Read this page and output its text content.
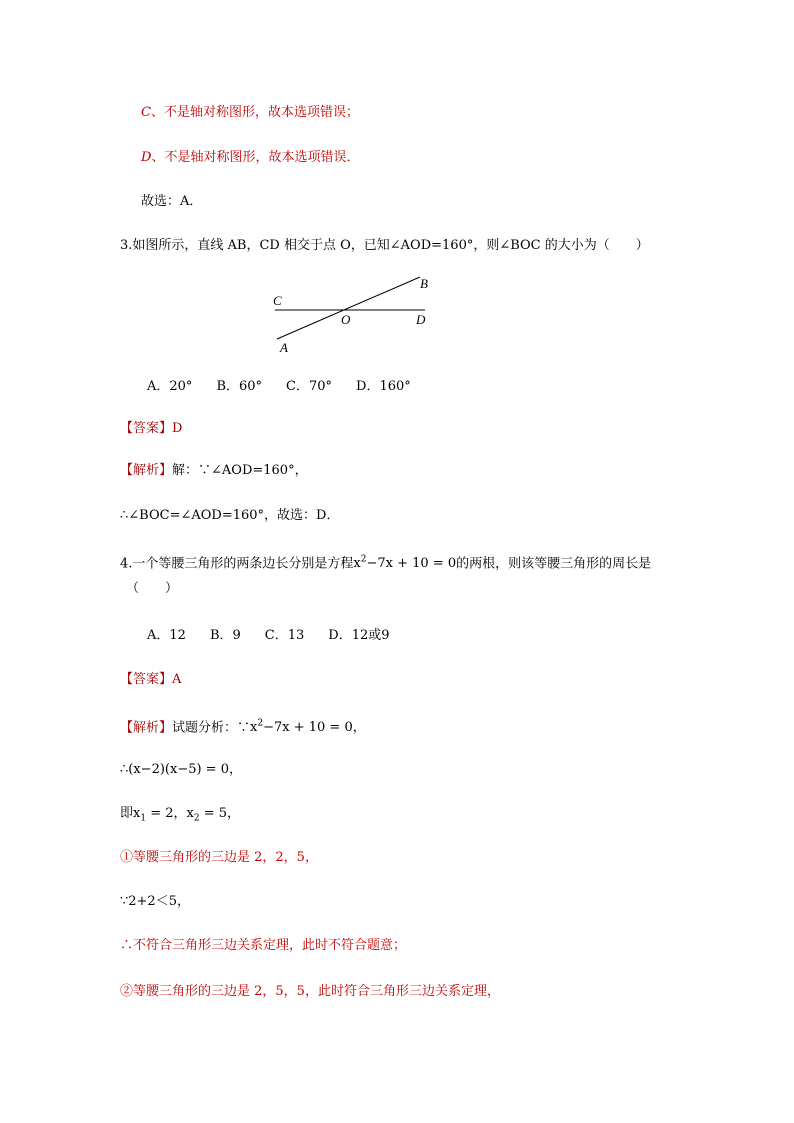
C、不是轴对称图形，故本选项错误；
D、不是轴对称图形，故本选项错误．
故选：A．
3.如图所示，直线 AB，CD 相交于点 O，已知∠AOD=160°，则∠BOC 的大小为（　　）
B
C
O	D
A
A．20° B．60° C．70° D．160°
【答案】D
【解析】解：∵∠AOD=160°，
∴∠BOC=∠AOD=160°，故选：D．
4.一个等腰三角形的两条边长分别是方程$x^2-7x + 10 = 0$的两根，则该等腰三角形的周长是
（　　）
A．12 B．9 C．13 D．12或9
【答案】A
【解析】试题分析：$\because x^2-7x + 10 = 0$，
∴(x−2)(x−5) = 0，
即$x_1 = 2$，$x_2 = 5$，
①等腰三角形的三边是 2，2，5，
∵2+2＜5，
∴不符合三角形三边关系定理，此时不符合题意；
②等腰三角形的三边是 2，5，5，此时符合三角形三边关系定理，
